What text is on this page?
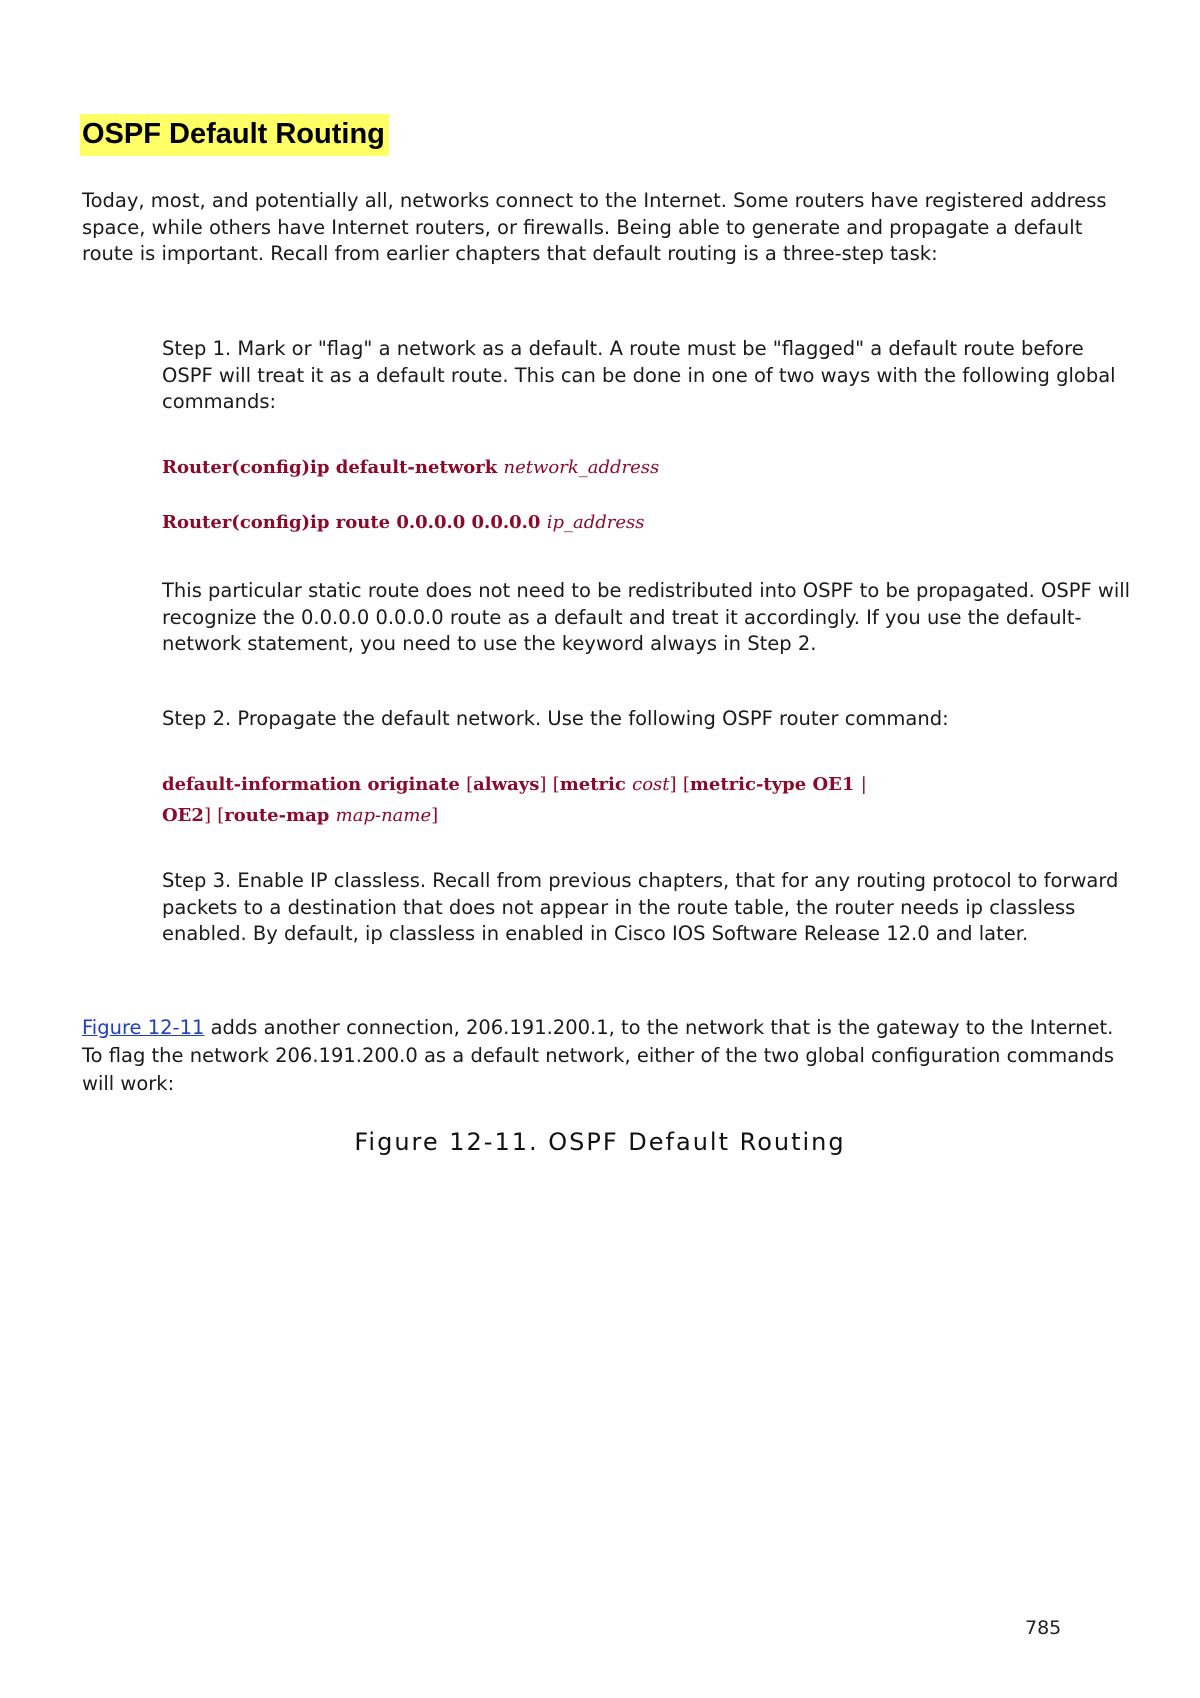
OSPF Default Routing

Today, most, and potentially all, networks connect to the Internet. Some routers have registered address space, while others have Internet routers, or firewalls. Being able to generate and propagate a default route is important. Recall from earlier chapters that default routing is a three-step task:

Step 1. Mark or "flag" a network as a default. A route must be "flagged" a default route before OSPF will treat it as a default route. This can be done in one of two ways with the following global commands:

Router(config)ip default-network network_address
Router(config)ip route 0.0.0.0 0.0.0.0 ip_address

This particular static route does not need to be redistributed into OSPF to be propagated. OSPF will recognize the 0.0.0.0 0.0.0.0 route as a default and treat it accordingly. If you use the default-network statement, you need to use the keyword always in Step 2.

Step 2. Propagate the default network. Use the following OSPF router command:

default-information originate [always] [metric cost] [metric-type OE1 |
OE2] [route-map map-name]

Step 3. Enable IP classless. Recall from previous chapters, that for any routing protocol to forward packets to a destination that does not appear in the route table, the router needs ip classless enabled. By default, ip classless in enabled in Cisco IOS Software Release 12.0 and later.

Figure 12-11 adds another connection, 206.191.200.1, to the network that is the gateway to the Internet. To flag the network 206.191.200.0 as a default network, either of the two global configuration commands will work:

Figure 12-11. OSPF Default Routing
785
